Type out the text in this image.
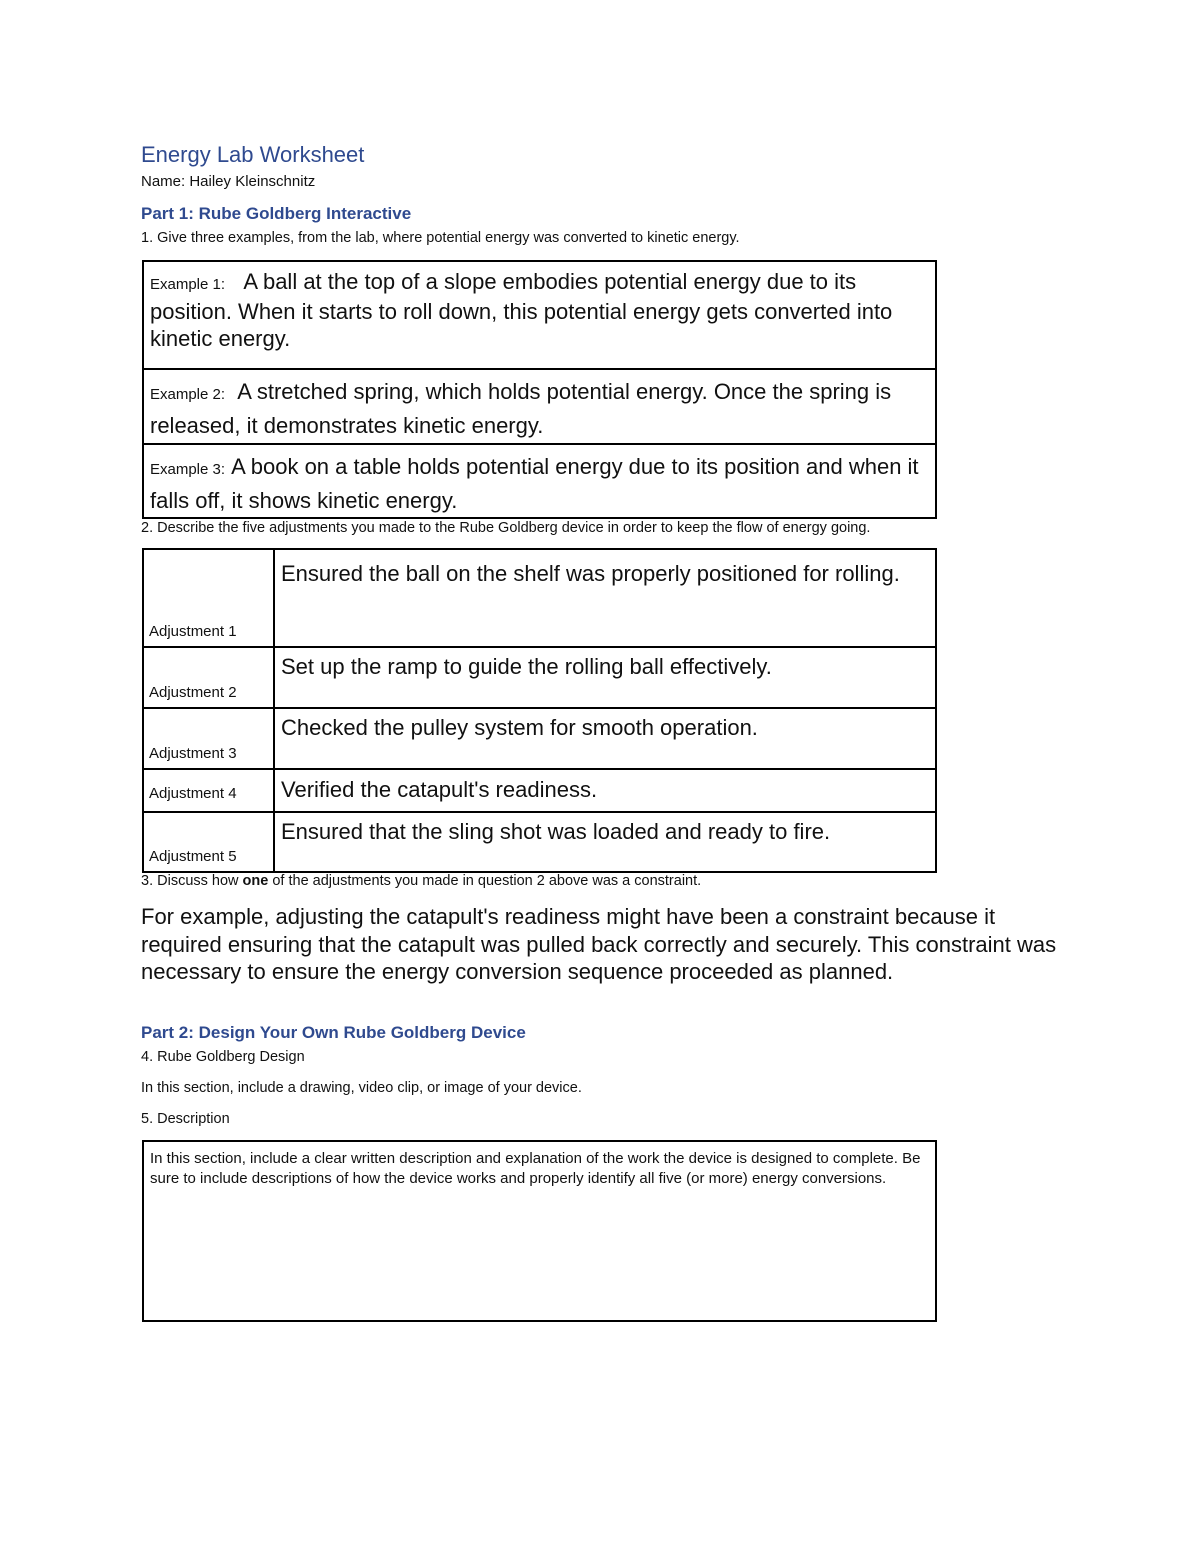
Energy Lab Worksheet
Name: Hailey Kleinschnitz
Part 1: Rube Goldberg Interactive
1. Give three examples, from the lab, where potential energy was converted to kinetic energy.
Example 1: A ball at the top of a slope embodies potential energy due to its position. When it starts to roll down, this potential energy gets converted into kinetic energy.
Example 2: A stretched spring, which holds potential energy. Once the spring is released, it demonstrates kinetic energy.
Example 3: A book on a table holds potential energy due to its position and when it falls off, it shows kinetic energy.
2. Describe the five adjustments you made to the Rube Goldberg device in order to keep the flow of energy going.
Adjustment 1
Ensured the ball on the shelf was properly positioned for rolling.
Adjustment 2
Set up the ramp to guide the rolling ball effectively.
Adjustment 3
Checked the pulley system for smooth operation.
Adjustment 4	Verified the catapult's readiness.
Adjustment 5
Ensured that the sling shot was loaded and ready to fire.
3. Discuss how one of the adjustments you made in question 2 above was a constraint.
For example, adjusting the catapult's readiness might have been a constraint because it required ensuring that the catapult was pulled back correctly and securely. This constraint was necessary to ensure the energy conversion sequence proceeded as planned.
Part 2: Design Your Own Rube Goldberg Device
4. Rube Goldberg Design
In this section, include a drawing, video clip, or image of your device.
5. Description
In this section, include a clear written description and explanation of the work the device is designed to complete. Be sure to include descriptions of how the device works and properly identify all five (or more) energy conversions.
